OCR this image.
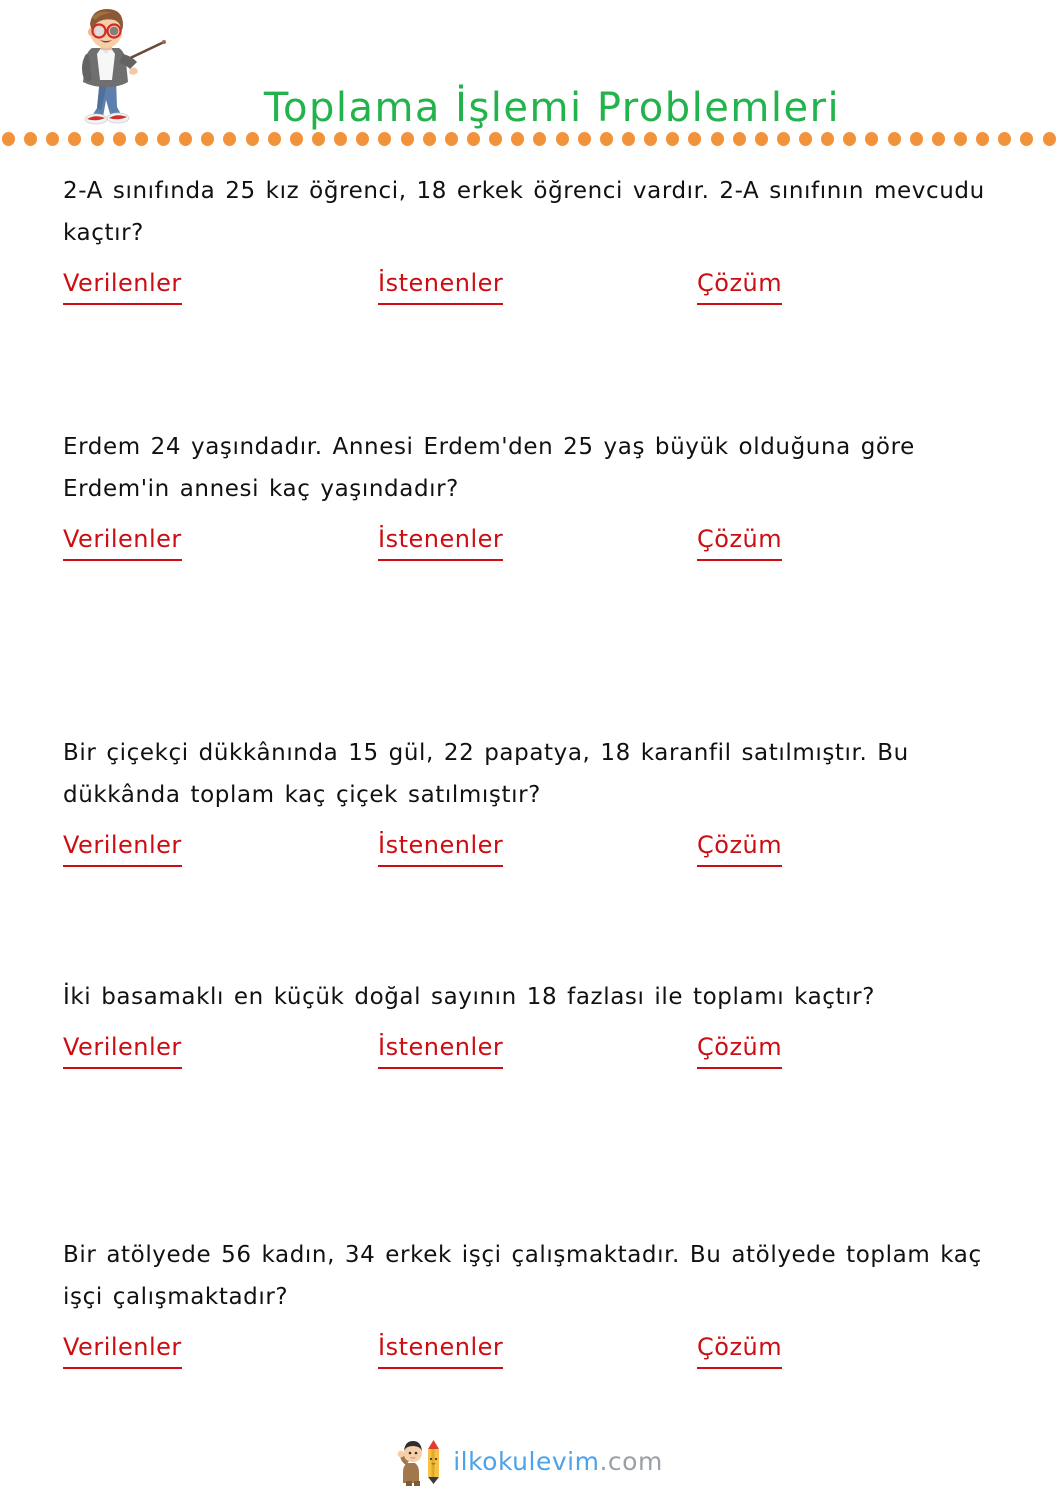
Toplama İşlemi Problemleri

2-A sınıfında 25 kız öğrenci, 18 erkek öğrenci vardır. 2-A sınıfının mevcudu kaçtır?

Verilenler	İstenenler	Çözüm

Erdem 24 yaşındadır. Annesi Erdem'den 25 yaş büyük olduğuna göre Erdem'in annesi kaç yaşındadır?

Verilenler	İstenenler	Çözüm

Bir çiçekçi dükkânında 15 gül, 22 papatya, 18 karanfil satılmıştır. Bu dükkânda toplam kaç çiçek satılmıştır?

Verilenler	İstenenler	Çözüm

İki basamaklı en küçük doğal sayının 18 fazlası ile toplamı kaçtır?

Verilenler	İstenenler	Çözüm

Bir atölyede 56 kadın, 34 erkek işçi çalışmaktadır. Bu atölyede toplam kaç işçi çalışmaktadır?

Verilenler	İstenenler	Çözüm
ilkokulevim.com
